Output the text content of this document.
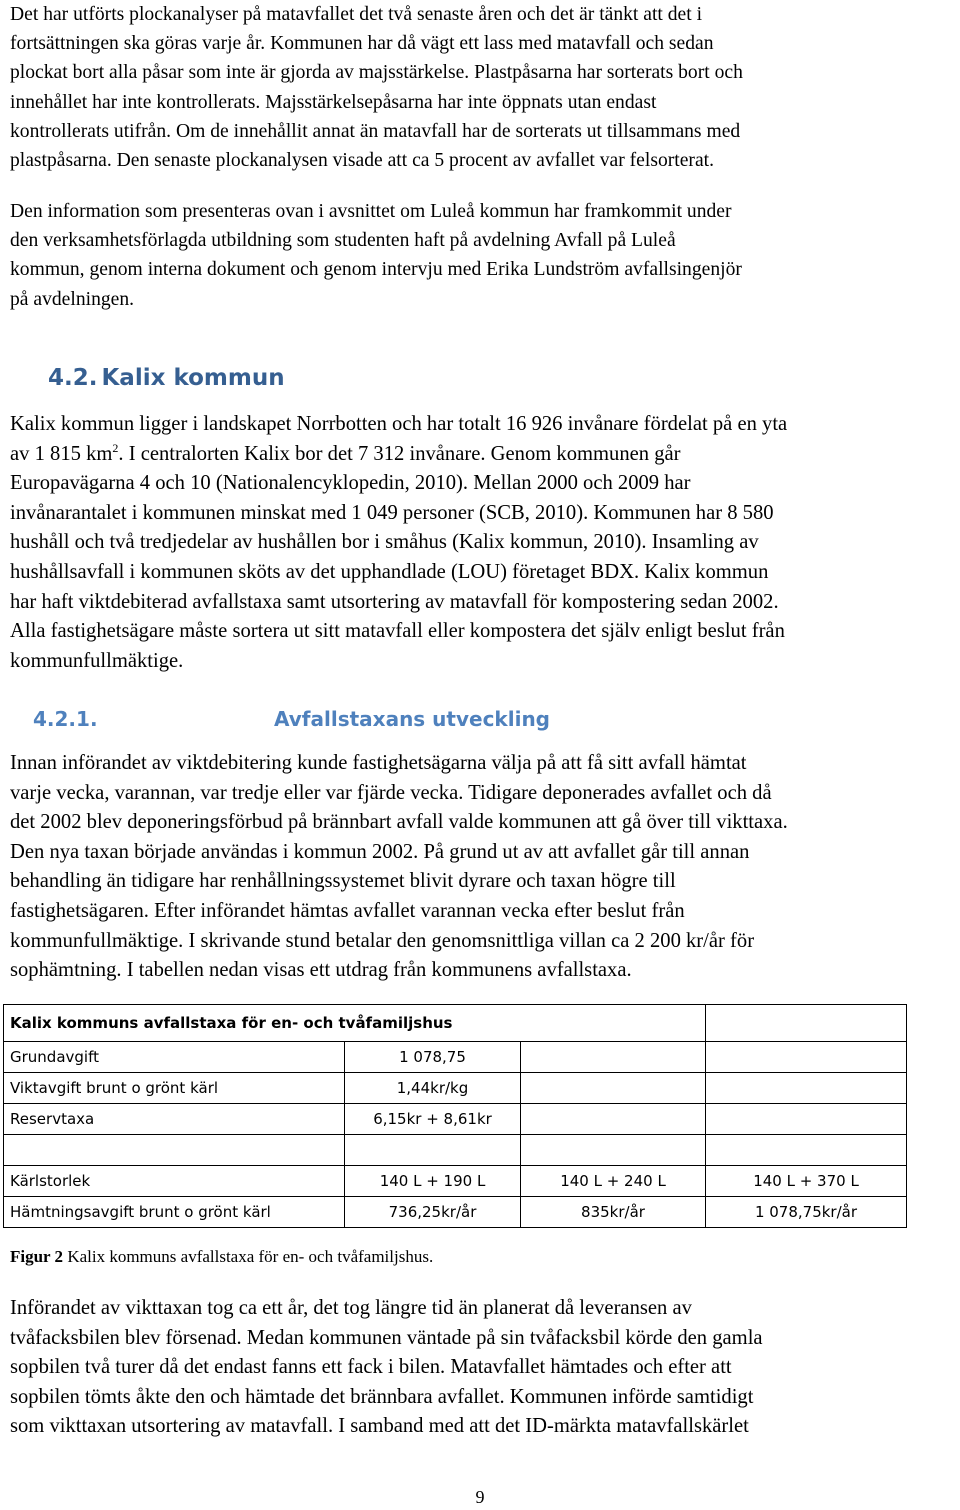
Det har utförts plockanalyser på matavfallet det två senaste åren och det är tänkt att det i

fortsättningen ska göras varje år. Kommunen har då vägt ett lass med matavfall och sedan

plockat bort alla påsar som inte är gjorda av majsstärkelse. Plastpåsarna har sorterats bort och

innehållet har inte kontrollerats. Majsstärkelsepåsarna har inte öppnats utan endast

kontrollerats utifrån. Om de innehållit annat än matavfall har de sorterats ut tillsammans med

plastpåsarna. Den senaste plockanalysen visade att ca 5 procent av avfallet var felsorterat.

Den information som presenteras ovan i avsnittet om Luleå kommun har framkommit under

den verksamhetsförlagda utbildning som studenten haft på avdelning Avfall på Luleå

kommun, genom interna dokument och genom intervju med Erika Lundström avfallsingenjör

på avdelningen.

4.2. Kalix kommun

Kalix kommun ligger i landskapet Norrbotten och har totalt 16 926 invånare fördelat på en yta

av 1 815 $km^2$. I centralorten Kalix bor det 7 312 invånare. Genom kommunen går

Europavägarna 4 och 10 (Nationalencyklopedin, 2010). Mellan 2000 och 2009 har

invånarantalet i kommunen minskat med 1 049 personer (SCB, 2010). Kommunen har 8 580

hushåll och två tredjedelar av hushållen bor i småhus (Kalix kommun, 2010). Insamling av

hushållsavfall i kommunen sköts av det upphandlade (LOU) företaget BDX. Kalix kommun

har haft viktdebiterad avfallstaxa samt utsortering av matavfall för kompostering sedan 2002.

Alla fastighetsägare måste sortera ut sitt matavfall eller kompostera det själv enligt beslut från

kommunfullmäktige.

4.2.1.	Avfallstaxans utveckling

Innan införandet av viktdebitering kunde fastighetsägarna välja på att få sitt avfall hämtat

varje vecka, varannan, var tredje eller var fjärde vecka. Tidigare deponerades avfallet och då

det 2002 blev deponeringsförbud på brännbart avfall valde kommunen att gå över till vikttaxa.

Den nya taxan började användas i kommun 2002. På grund ut av att avfallet går till annan

behandling än tidigare har renhållningssystemet blivit dyrare och taxan högre till

fastighetsägaren. Efter införandet hämtas avfallet varannan vecka efter beslut från

kommunfullmäktige. I skrivande stund betalar den genomsnittliga villan ca 2 200 kr/år för

sophämtning. I tabellen nedan visas ett utdrag från kommunens avfallstaxa.

Kalix kommuns avfallstaxa för en- och tvåfamiljshus			
Grundavgift	1 078,75		
Viktavgift brunt o grönt kärl	1,44kr/kg		
Reservtaxa	6,15kr + 8,61kr		

Kärlstorlek	140 L + 190 L	140 L + 240 L	140 L + 370 L
Hämtningsavgift brunt o grönt kärl	736,25kr/år	835kr/år	1 078,75kr/år
Figur 2 Kalix kommuns avfallstaxa för en- och tvåfamiljshus.

Införandet av vikttaxan tog ca ett år, det tog längre tid än planerat då leveransen av

tvåfacksbilen blev försenad. Medan kommunen väntade på sin tvåfacksbil körde den gamla

sopbilen två turer då det endast fanns ett fack i bilen. Matavfallet hämtades och efter att

sopbilen tömts åkte den och hämtade det brännbara avfallet. Kommunen införde samtidigt

som vikttaxan utsortering av matavfall. I samband med att det ID-märkta matavfallskärlet

9
